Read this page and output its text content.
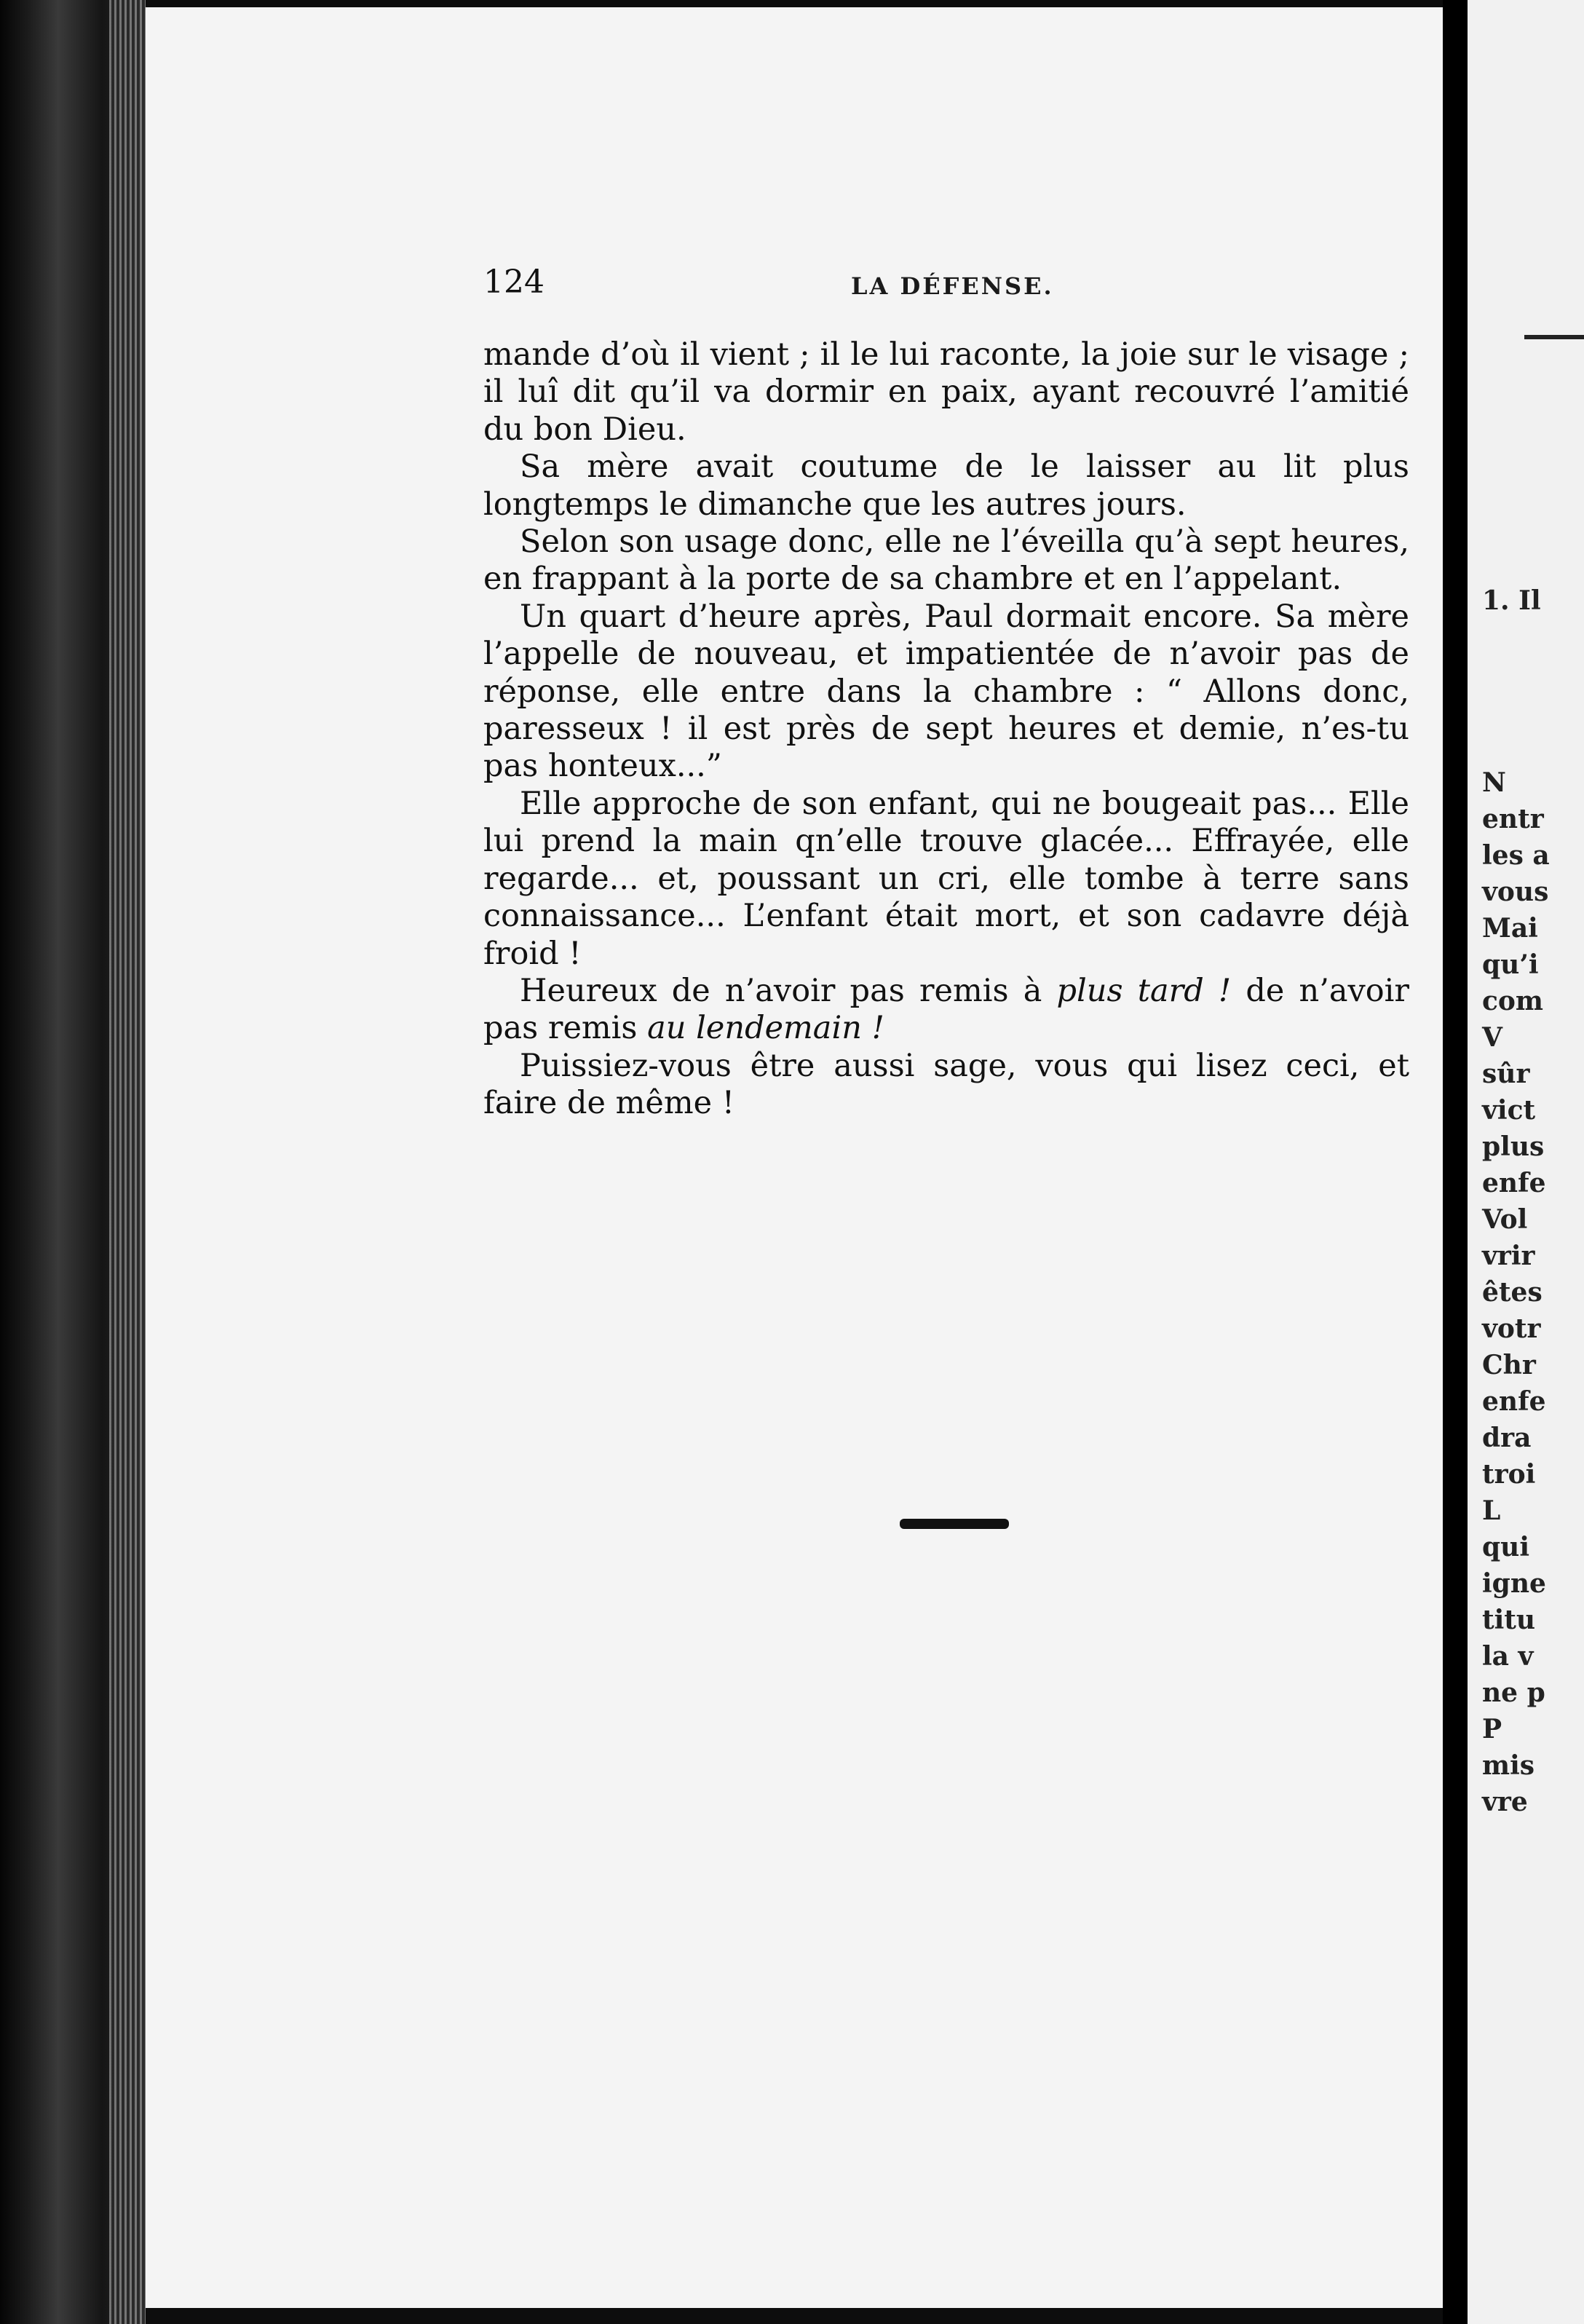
124	LA DÉFENSE.

mande d’où il vient ; il le lui raconte, la joie sur le visage ; il luî dit qu’il va dormir en paix, ayant recouvré l’amitié du bon Dieu.

Sa mère avait coutume de le laisser au lit plus longtemps le dimanche que les autres jours.

Selon son usage donc, elle ne l’éveilla qu’à sept heures, en frappant à la porte de sa chambre et en l’appelant.

Un quart d’heure après, Paul dormait encore. Sa mère l’appelle de nouveau, et impatientée de n’avoir pas de réponse, elle entre dans la chambre : “ Allons donc, paresseux ! il est près de sept heures et demie, n’es-tu pas honteux...”

Elle approche de son enfant, qui ne bougeait pas... Elle lui prend la main qn’elle trouve glacée... Effrayée, elle regarde... et, poussant un cri, elle tombe à terre sans connaissance... L’enfant était mort, et son cadavre déjà froid !

Heureux de n’avoir pas remis à plus tard ! de n’avoir pas remis au lendemain !

Puissiez-vous être aussi sage, vous qui lisez ceci, et faire de même !

1. Il

N
entr
les a
vous
Mai
qu’i
com
V
sûr
vict
plus
enfe
Vol
vrir
êtes
votr
Chr
enfe
dra
troi
L
qui
igne
titu
la v
ne p
P
mis
vre
